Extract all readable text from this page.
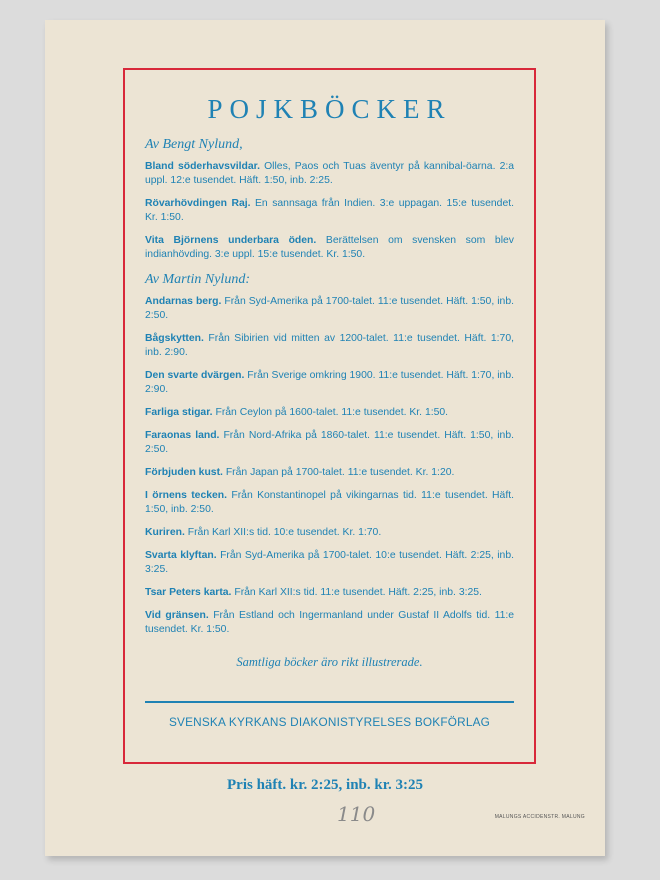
POJKBÖCKER
Av Bengt Nylund,
Bland söderhavsvildar. Olles, Paos och Tuas äventyr på kannibal-öarna. 2:a uppl. 12:e tusendet. Häft. 1:50, inb. 2:25.
Rövarhövdingen Raj. En sannsaga från Indien. 3:e uppagan. 15:e tusendet. Kr. 1:50.
Vita Björnens underbara öden. Berättelsen om svensken som blev indianhövding. 3:e uppl. 15:e tusendet. Kr. 1:50.
Av Martin Nylund:
Andarnas berg. Från Syd-Amerika på 1700-talet. 11:e tusendet. Häft. 1:50, inb. 2:50.
Bågskytten. Från Sibirien vid mitten av 1200-talet. 11:e tusendet. Häft. 1:70, inb. 2:90.
Den svarte dvärgen. Från Sverige omkring 1900. 11:e tusendet. Häft. 1:70, inb. 2:90.
Farliga stigar. Från Ceylon på 1600-talet. 11:e tusendet. Kr. 1:50.
Faraonas land. Från Nord-Afrika på 1860-talet. 11:e tusendet. Häft. 1:50, inb. 2:50.
Förbjuden kust. Från Japan på 1700-talet. 11:e tusendet. Kr. 1:20.
I örnens tecken. Från Konstantinopel på vikingarnas tid. 11:e tusendet. Häft. 1:50, inb. 2:50.
Kuriren. Från Karl XII:s tid. 10:e tusendet. Kr. 1:70.
Svarta klyftan. Från Syd-Amerika på 1700-talet. 10:e tusendet. Häft. 2:25, inb. 3:25.
Tsar Peters karta. Från Karl XII:s tid. 11:e tusendet. Häft. 2:25, inb. 3:25.
Vid gränsen. Från Estland och Ingermanland under Gustaf II Adolfs tid. 11:e tusendet. Kr. 1:50.
Samtliga böcker äro rikt illustrerade.
SVENSKA KYRKANS DIAKONISTYRELSES BOKFÖRLAG
Pris häft. kr. 2:25, inb. kr. 3:25
110	MALUNGS ACCIDENSTR. MALUNG
